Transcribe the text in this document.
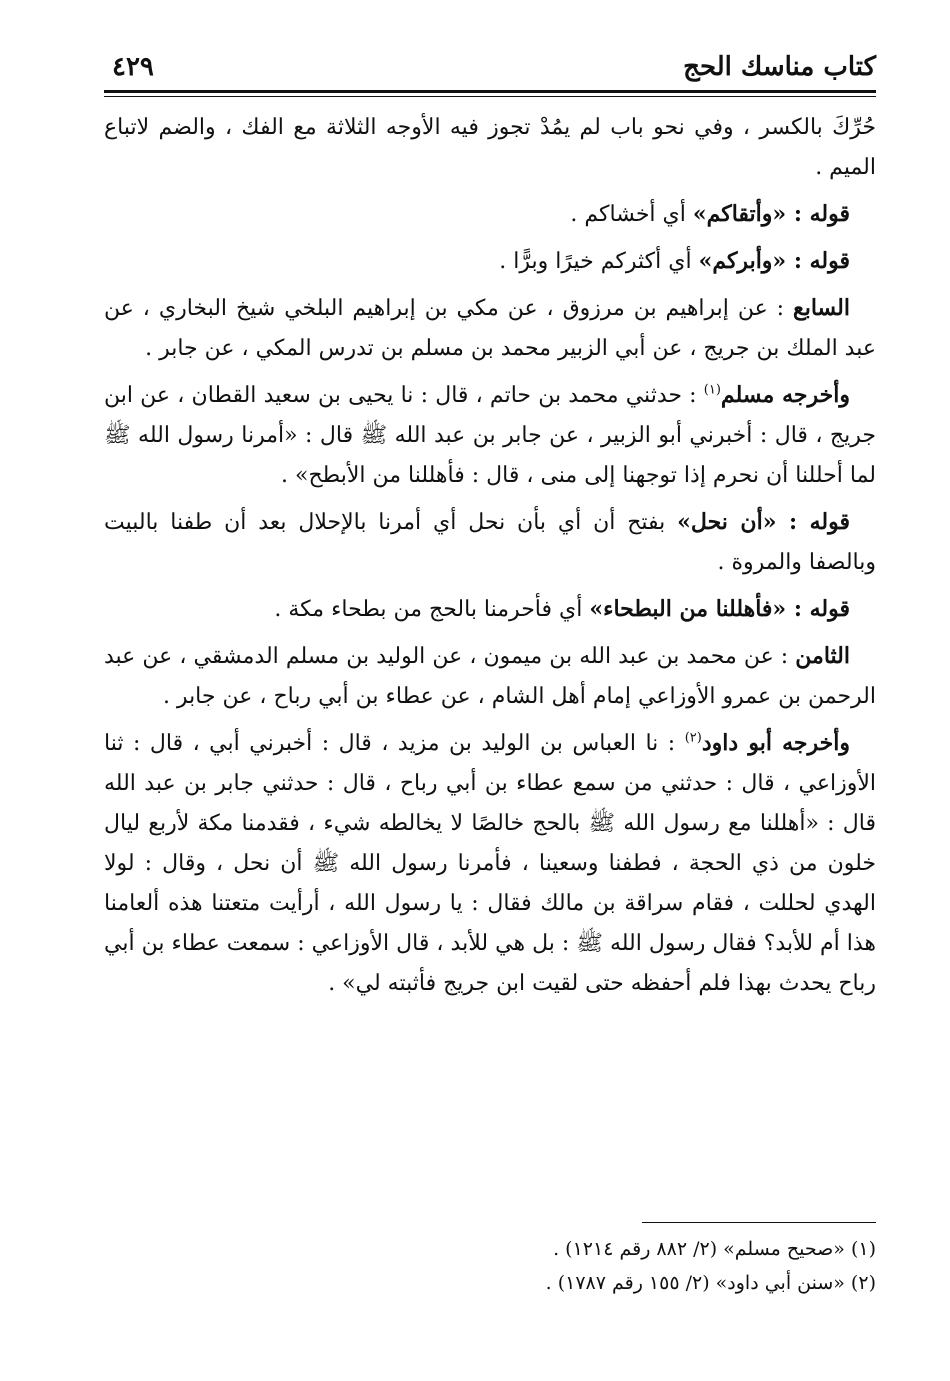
كتاب مناسك الحج
٤٢٩

حُرِّكَ بالكسر ، وفي نحو باب لم يمُدْ تجوز فيه الأوجه الثلاثة مع الفك ، والضم لاتباع الميم .

قوله : «وأتقاكم» أي أخشاكم .

قوله : «وأبركم» أي أكثركم خيرًا وبرًّا .

السابع : عن إبراهيم بن مرزوق ، عن مكي بن إبراهيم البلخي شيخ البخاري ، عن عبد الملك بن جريج ، عن أبي الزبير محمد بن مسلم بن تدرس المكي ، عن جابر .

وأخرجه مسلم$^{(١)}$ : حدثني محمد بن حاتم ، قال : نا يحيى بن سعيد القطان ، عن ابن جريج ، قال : أخبرني أبو الزبير ، عن جابر بن عبد الله ﷺ قال : «أمرنا رسول الله ﷺ لما أحللنا أن نحرم إذا توجهنا إلى منى ، قال : فأهللنا من الأبطح» .

قوله : «أن نحل» بفتح أن أي بأن نحل أي أمرنا بالإحلال بعد أن طفنا بالبيت وبالصفا والمروة .

قوله : «فأهللنا من البطحاء» أي فأحرمنا بالحج من بطحاء مكة .

الثامن : عن محمد بن عبد الله بن ميمون ، عن الوليد بن مسلم الدمشقي ، عن عبد الرحمن بن عمرو الأوزاعي إمام أهل الشام ، عن عطاء بن أبي رباح ، عن جابر .

وأخرجه أبو داود$^{(٢)}$ : نا العباس بن الوليد بن مزيد ، قال : أخبرني أبي ، قال : ثنا الأوزاعي ، قال : حدثني من سمع عطاء بن أبي رباح ، قال : حدثني جابر بن عبد الله قال : «أهللنا مع رسول الله ﷺ بالحج خالصًا لا يخالطه شيء ، فقدمنا مكة لأربع ليال خلون من ذي الحجة ، فطفنا وسعينا ، فأمرنا رسول الله ﷺ أن نحل ، وقال : لولا الهدي لحللت ، فقام سراقة بن مالك فقال : يا رسول الله ، أرأيت متعتنا هذه ألعامنا هذا أم للأبد؟ فقال رسول الله ﷺ : بل هي للأبد ، قال الأوزاعي : سمعت عطاء بن أبي رباح يحدث بهذا فلم أحفظه حتى لقيت ابن جريج فأثبته لي» .

(١) «صحيح مسلم» (٢/ ٨٨٢ رقم ١٢١٤) .

(٢) «سنن أبي داود» (٢/ ١٥٥ رقم ١٧٨٧) .
